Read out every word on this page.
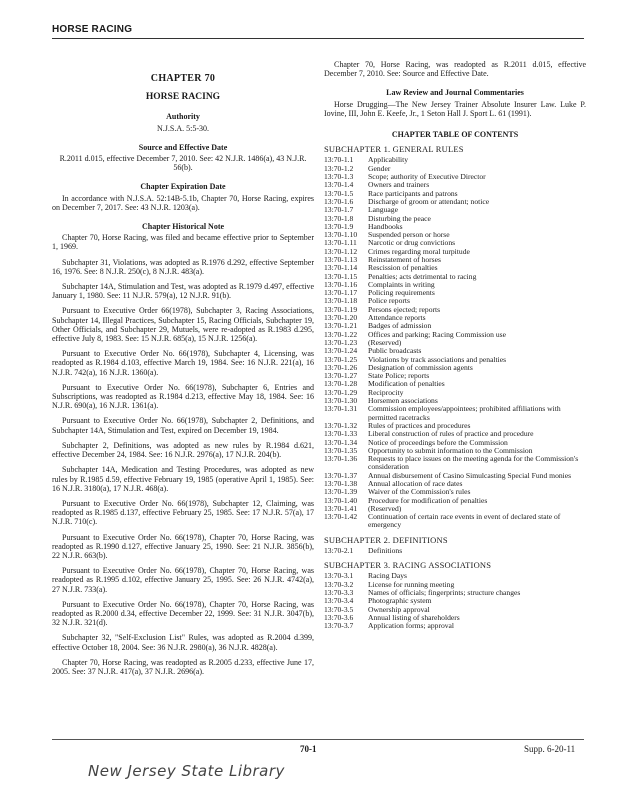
HORSE RACING
CHAPTER 70
HORSE RACING
Authority
N.J.S.A. 5:5-30.
Source and Effective Date
R.2011 d.015, effective December 7, 2010. See: 42 N.J.R. 1486(a), 43 N.J.R. 56(b).
Chapter Expiration Date

In accordance with N.J.S.A. 52:14B-5.1b, Chapter 70, Horse Racing, expires on December 7, 2017. See: 43 N.J.R. 1203(a).

Chapter Historical Note

Chapter 70, Horse Racing, was filed and became effective prior to September 1, 1969.

Subchapter 31, Violations, was adopted as R.1976 d.292, effective September 16, 1976. See: 8 N.J.R. 250(c), 8 N.J.R. 483(a).

Subchapter 14A, Stimulation and Test, was adopted as R.1979 d.497, effective January 1, 1980. See: 11 N.J.R. 579(a), 12 N.J.R. 91(b).

Pursuant to Executive Order 66(1978), Subchapter 3, Racing Associations, Subchapter 14, Illegal Practices, Subchapter 15, Racing Officials, Subchapter 19, Other Officials, and Subchapter 29, Mutuels, were re-adopted as R.1983 d.295, effective July 8, 1983. See: 15 N.J.R. 685(a), 15 N.J.R. 1256(a).

Pursuant to Executive Order No. 66(1978), Subchapter 4, Licensing, was readopted as R.1984 d.103, effective March 19, 1984. See: 16 N.J.R. 221(a), 16 N.J.R. 742(a), 16 N.J.R. 1360(a).

Pursuant to Executive Order No. 66(1978), Subchapter 6, Entries and Subscriptions, was readopted as R.1984 d.213, effective May 18, 1984. See: 16 N.J.R. 690(a), 16 N.J.R. 1361(a).

Pursuant to Executive Order No. 66(1978), Subchapter 2, Definitions, and Subchapter 14A, Stimulation and Test, expired on December 19, 1984.

Subchapter 2, Definitions, was adopted as new rules by R.1984 d.621, effective December 24, 1984. See: 16 N.J.R. 2976(a), 17 N.J.R. 204(b).

Subchapter 14A, Medication and Testing Procedures, was adopted as new rules by R.1985 d.59, effective February 19, 1985 (operative April 1, 1985). See: 16 N.J.R. 3180(a), 17 N.J.R. 468(a).

Pursuant to Executive Order No. 66(1978), Subchapter 12, Claiming, was readopted as R.1985 d.137, effective February 25, 1985. See: 17 N.J.R. 57(a), 17 N.J.R. 710(c).

Pursuant to Executive Order No. 66(1978), Chapter 70, Horse Racing, was readopted as R.1990 d.127, effective January 25, 1990. See: 21 N.J.R. 3856(b), 22 N.J.R. 663(b).

Pursuant to Executive Order No. 66(1978), Chapter 70, Horse Racing, was readopted as R.1995 d.102, effective January 25, 1995. See: 26 N.J.R. 4742(a), 27 N.J.R. 733(a).

Pursuant to Executive Order No. 66(1978), Chapter 70, Horse Racing, was readopted as R.2000 d.34, effective December 22, 1999. See: 31 N.J.R. 3047(b), 32 N.J.R. 321(d).

Subchapter 32, "Self-Exclusion List" Rules, was adopted as R.2004 d.399, effective October 18, 2004. See: 36 N.J.R. 2980(a), 36 N.J.R. 4828(a).

Chapter 70, Horse Racing, was readopted as R.2005 d.233, effective June 17, 2005. See: 37 N.J.R. 417(a), 37 N.J.R. 2696(a).

Chapter 70, Horse Racing, was readopted as R.2011 d.015, effective December 7, 2010. See: Source and Effective Date.

Law Review and Journal Commentaries

Horse Drugging—The New Jersey Trainer Absolute Insurer Law. Luke P. Iovine, III, John E. Keefe, Jr., 1 Seton Hall J. Sport L. 61 (1991).

CHAPTER TABLE OF CONTENTS
SUBCHAPTER 1. GENERAL RULES
13:70-1.1	Applicability
13:70-1.2	Gender
13:70-1.3	Scope; authority of Executive Director
13:70-1.4	Owners and trainers
13:70-1.5	Race participants and patrons
13:70-1.6	Discharge of groom or attendant; notice
13:70-1.7	Language
13:70-1.8	Disturbing the peace
13:70-1.9	Handbooks
13:70-1.10	Suspended person or horse
13:70-1.11	Narcotic or drug convictions
13:70-1.12	Crimes regarding moral turpitude
13:70-1.13	Reinstatement of horses
13:70-1.14	Rescission of penalties
13:70-1.15	Penalties; acts detrimental to racing
13:70-1.16	Complaints in writing
13:70-1.17	Policing requirements
13:70-1.18	Police reports
13:70-1.19	Persons ejected; reports
13:70-1.20	Attendance reports
13:70-1.21	Badges of admission
13:70-1.22	Offices and parking; Racing Commission use
13:70-1.23	(Reserved)
13:70-1.24	Public broadcasts
13:70-1.25	Violations by track associations and penalties
13:70-1.26	Designation of commission agents
13:70-1.27	State Police; reports
13:70-1.28	Modification of penalties
13:70-1.29	Reciprocity
13:70-1.30	Horsemen associations
13:70-1.31	Commission employees/appointees; prohibited affiliations with permitted racetracks
13:70-1.32	Rules of practices and procedures
13:70-1.33	Liberal construction of rules of practice and procedure
13:70-1.34	Notice of proceedings before the Commission
13:70-1.35	Opportunity to submit information to the Commission
13:70-1.36	Requests to place issues on the meeting agenda for the Commission's consideration
13:70-1.37	Annual disbursement of Casino Simulcasting Special Fund monies
13:70-1.38	Annual allocation of race dates
13:70-1.39	Waiver of the Commission's rules
13:70-1.40	Procedure for modification of penalties
13:70-1.41	(Reserved)
13:70-1.42	Continuation of certain race events in event of declared state of emergency
SUBCHAPTER 2. DEFINITIONS
13:70-2.1	Definitions
SUBCHAPTER 3. RACING ASSOCIATIONS
13:70-3.1	Racing Days
13:70-3.2	License for running meeting
13:70-3.3	Names of officials; fingerprints; structure changes
13:70-3.4	Photographic system
13:70-3.5	Ownership approval
13:70-3.6	Annual listing of shareholders
13:70-3.7	Application forms; approval
70-1	Supp. 6-20-11
New Jersey State Library
